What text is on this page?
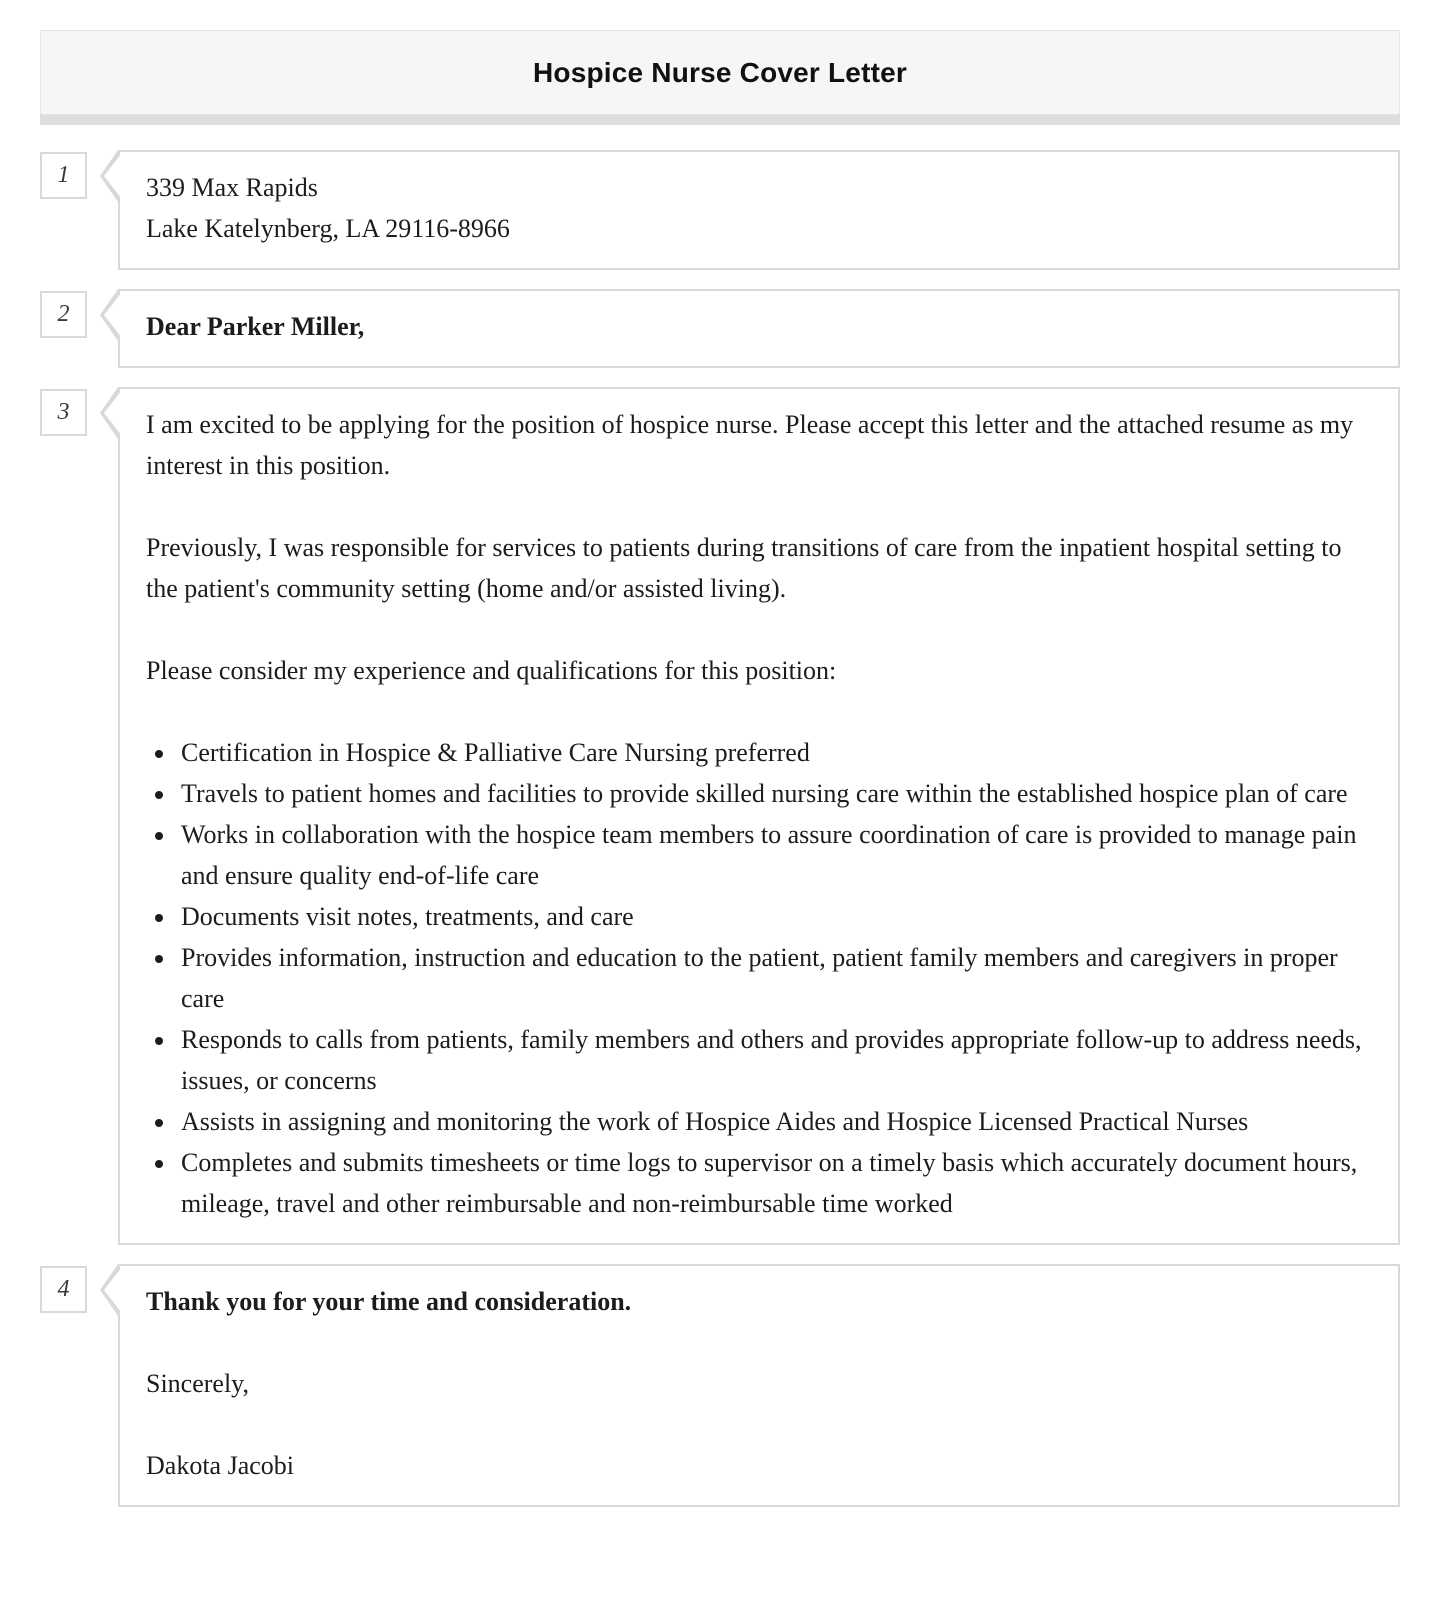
Hospice Nurse Cover Letter
1	339 Max Rapids
Lake Katelynberg, LA 29116-8966
2	Dear Parker Miller,
3	I am excited to be applying for the position of hospice nurse. Please accept this letter and the attached resume as my interest in this position.

Previously, I was responsible for services to patients during transitions of care from the inpatient hospital setting to the patient's community setting (home and/or assisted living).

Please consider my experience and qualifications for this position:

• Certification in Hospice & Palliative Care Nursing preferred
• Travels to patient homes and facilities to provide skilled nursing care within the established hospice plan of care
• Works in collaboration with the hospice team members to assure coordination of care is provided to manage pain and ensure quality end-of-life care
• Documents visit notes, treatments, and care
• Provides information, instruction and education to the patient, patient family members and caregivers in proper care
• Responds to calls from patients, family members and others and provides appropriate follow-up to address needs, issues, or concerns
• Assists in assigning and monitoring the work of Hospice Aides and Hospice Licensed Practical Nurses
• Completes and submits timesheets or time logs to supervisor on a timely basis which accurately document hours, mileage, travel and other reimbursable and non-reimbursable time worked
4	Thank you for your time and consideration.

Sincerely,

Dakota Jacobi
